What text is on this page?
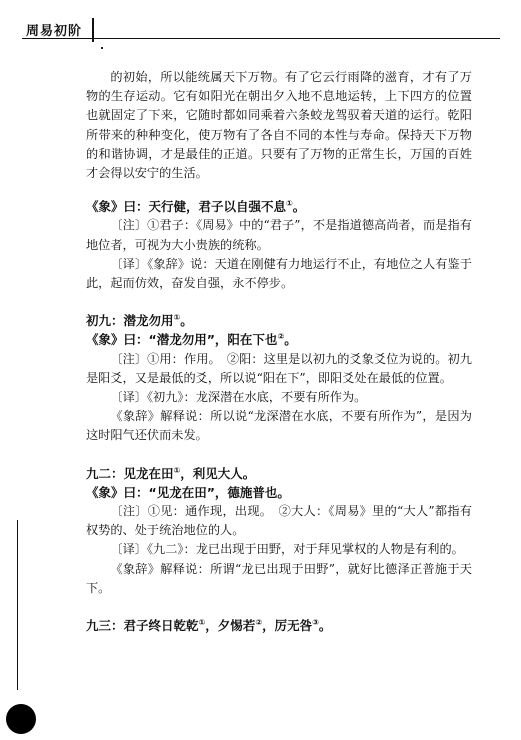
周易初阶

的初始，所以能统属天下万物。有了它云行雨降的滋育，才有了万物的生存运动。它有如阳光在朝出夕入地不息地运转，上下四方的位置也就固定了下来，它随时都如同乘着六条蛟龙驾驭着天道的运行。乾阳所带来的种种变化，使万物有了各自不同的本性与寿命。保持天下万物的和谐协调，才是最佳的正道。只要有了万物的正常生长，万国的百姓才会得以安宁的生活。

《象》曰：天行健，君子以自强不息①。

〔注〕①君子：《周易》中的“君子”，不是指道德高尚者，而是指有地位者，可视为大小贵族的统称。

〔译〕《象辞》说：天道在刚健有力地运行不止，有地位之人有鉴于此，起而仿效，奋发自强，永不停步。

初九：潜龙勿用①。

《象》曰：“潜龙勿用”，阳在下也②。

〔注〕①用：作用。　②阳：这里是以初九的爻象爻位为说的。初九是阳爻，又是最低的爻，所以说“阳在下”，即阳爻处在最低的位置。

〔译〕《初九》：龙深潜在水底，不要有所作为。

《象辞》解释说：所以说“龙深潜在水底，不要有所作为”，是因为这时阳气还伏而未发。

九二：见龙在田①，利见大人。

《象》曰：“见龙在田”，德施普也。

〔注〕①见：通作现，出现。　②大人：《周易》里的“大人”都指有权势的、处于统治地位的人。

〔译〕《九二》：龙已出现于田野，对于拜见掌权的人物是有利的。

《象辞》解释说：所谓“龙已出现于田野”，就好比德泽正普施于天下。

九三：君子终日乾乾①，夕惕若②，厉无咎③。
